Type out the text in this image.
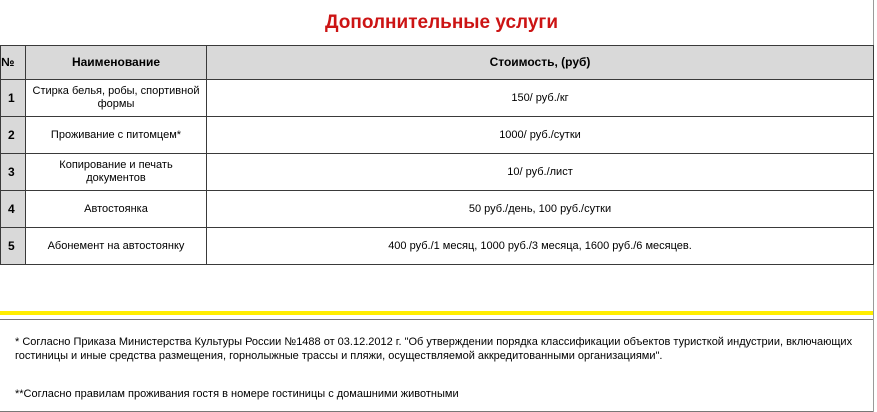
Дополнительные услуги
№	Наименование	Стоимость, (руб)
1	Стирка белья, робы, спортивной формы	150/ руб./кг
2	Проживание с питомцем*	1000/ руб./сутки
3	Копирование и печать документов	10/ руб./лист
4	Автостоянка	50 руб./день, 100 руб./сутки
5	Абонемент на автостоянку	400 руб./1 месяц, 1000 руб./3 месяца, 1600 руб./6 месяцев.
* Согласно Приказа Министерства Культуры России №1488 от 03.12.2012 г. "Об утверждении порядка классификации объектов туристкой индустрии, включающих гостиницы и иные средства размещения, горнолыжные трассы и пляжи, осуществляемой аккредитованными организациями".
**Согласно правилам проживания гостя в номере гостиницы с домашними животными
